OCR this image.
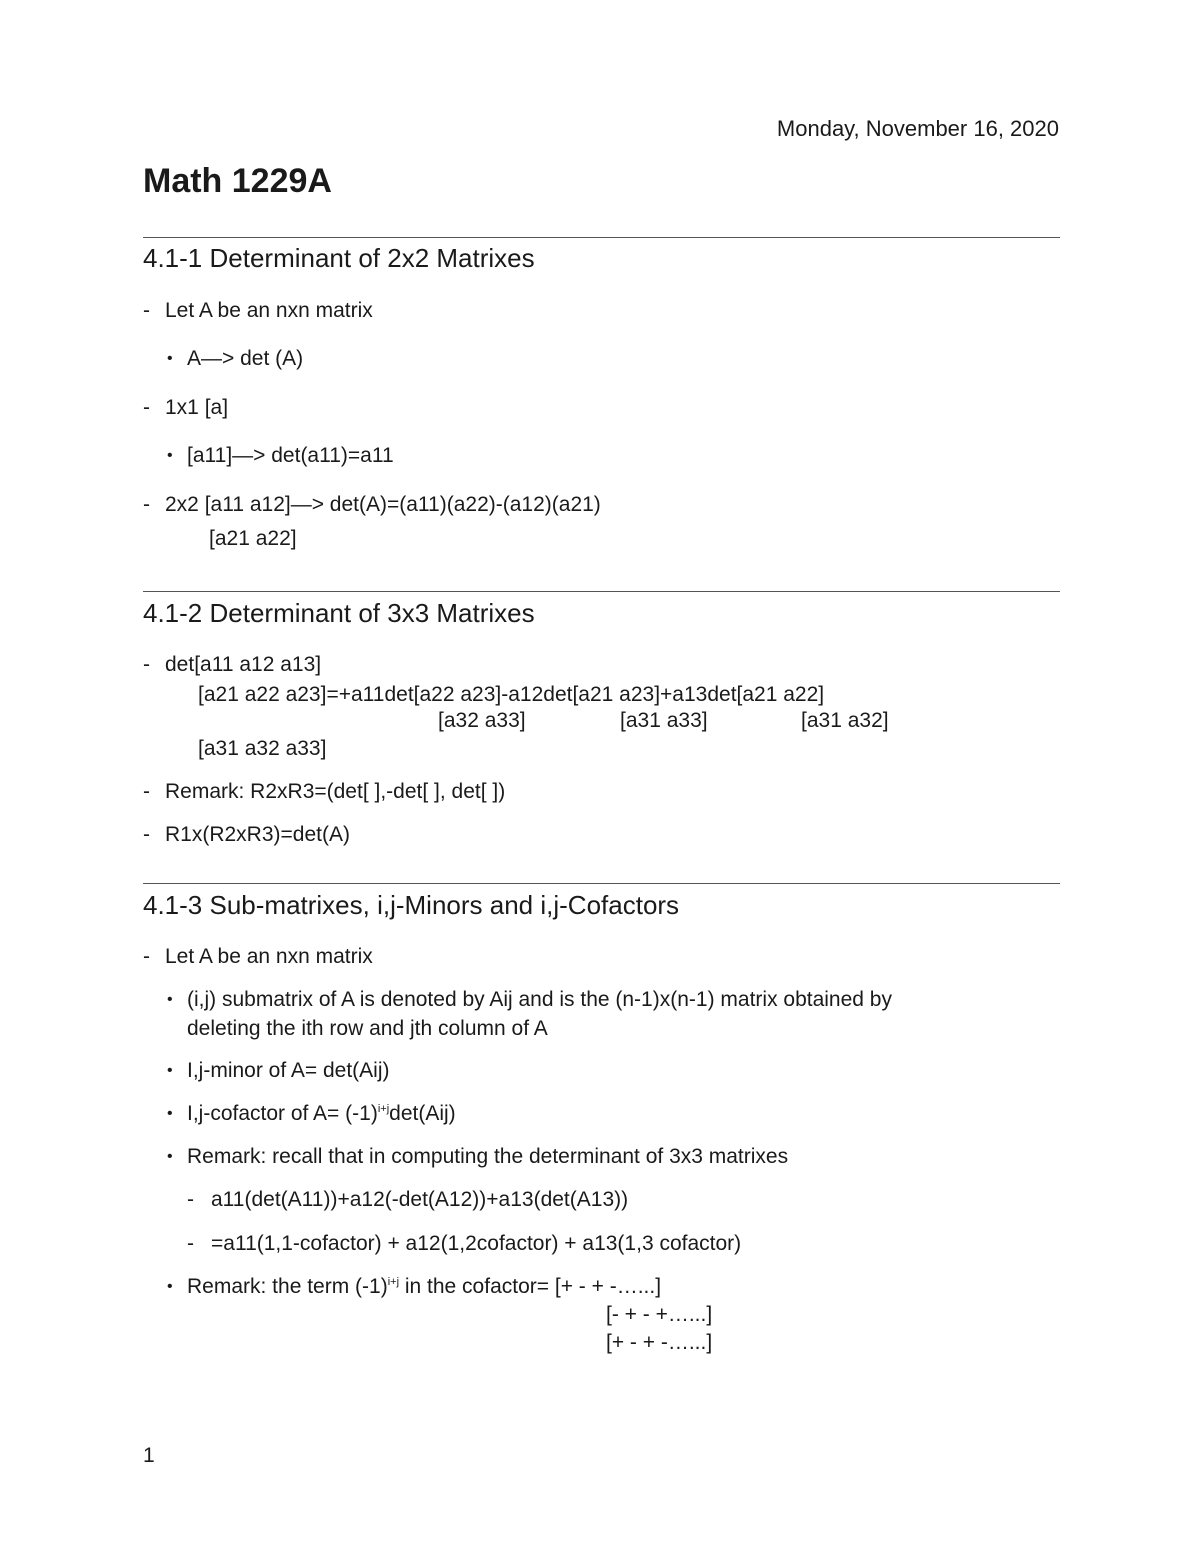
Monday, November 16, 2020
Math 1229A
4.1-1 Determinant of 2x2 Matrixes
- Let A be an nxn matrix
• A—> det (A)
- 1x1 [a]
• [a11]—> det(a11)=a11
- 2x2 [a11 a12]—> det(A)=(a11)(a22)-(a12)(a21)
[a21 a22]
4.1-2 Determinant of 3x3 Matrixes
- det[a11 a12 a13]
[a21 a22 a23]=+a11det[a22 a23]-a12det[a21 a23]+a13det[a21 a22]
[a32 a33]	[a31 a33]	[a31 a32]
[a31 a32 a33]
- Remark: R2xR3=(det[ ],-det[ ], det[ ])
- R1x(R2xR3)=det(A)
4.1-3 Sub-matrixes, i,j-Minors and i,j-Cofactors
- Let A be an nxn matrix
• (i,j) submatrix of A is denoted by Aij and is the (n-1)x(n-1) matrix obtained by
deleting the ith row and jth column of A
• I,j-minor of A= det(Aij)
• I,j-cofactor of $A= (-1)^{i+j}\det(Aij)$
• Remark: recall that in computing the determinant of 3x3 matrixes
- a11(det(A11))+a12(-det(A12))+a13(det(A13))
- =a11(1,1-cofactor) + a12(1,2cofactor) + a13(1,3 cofactor)
• Remark: the term $(-1)^{i+j}$ in the cofactor= [+ - + -…...]
[- + - +…...]
[+ - + -…...]
1
